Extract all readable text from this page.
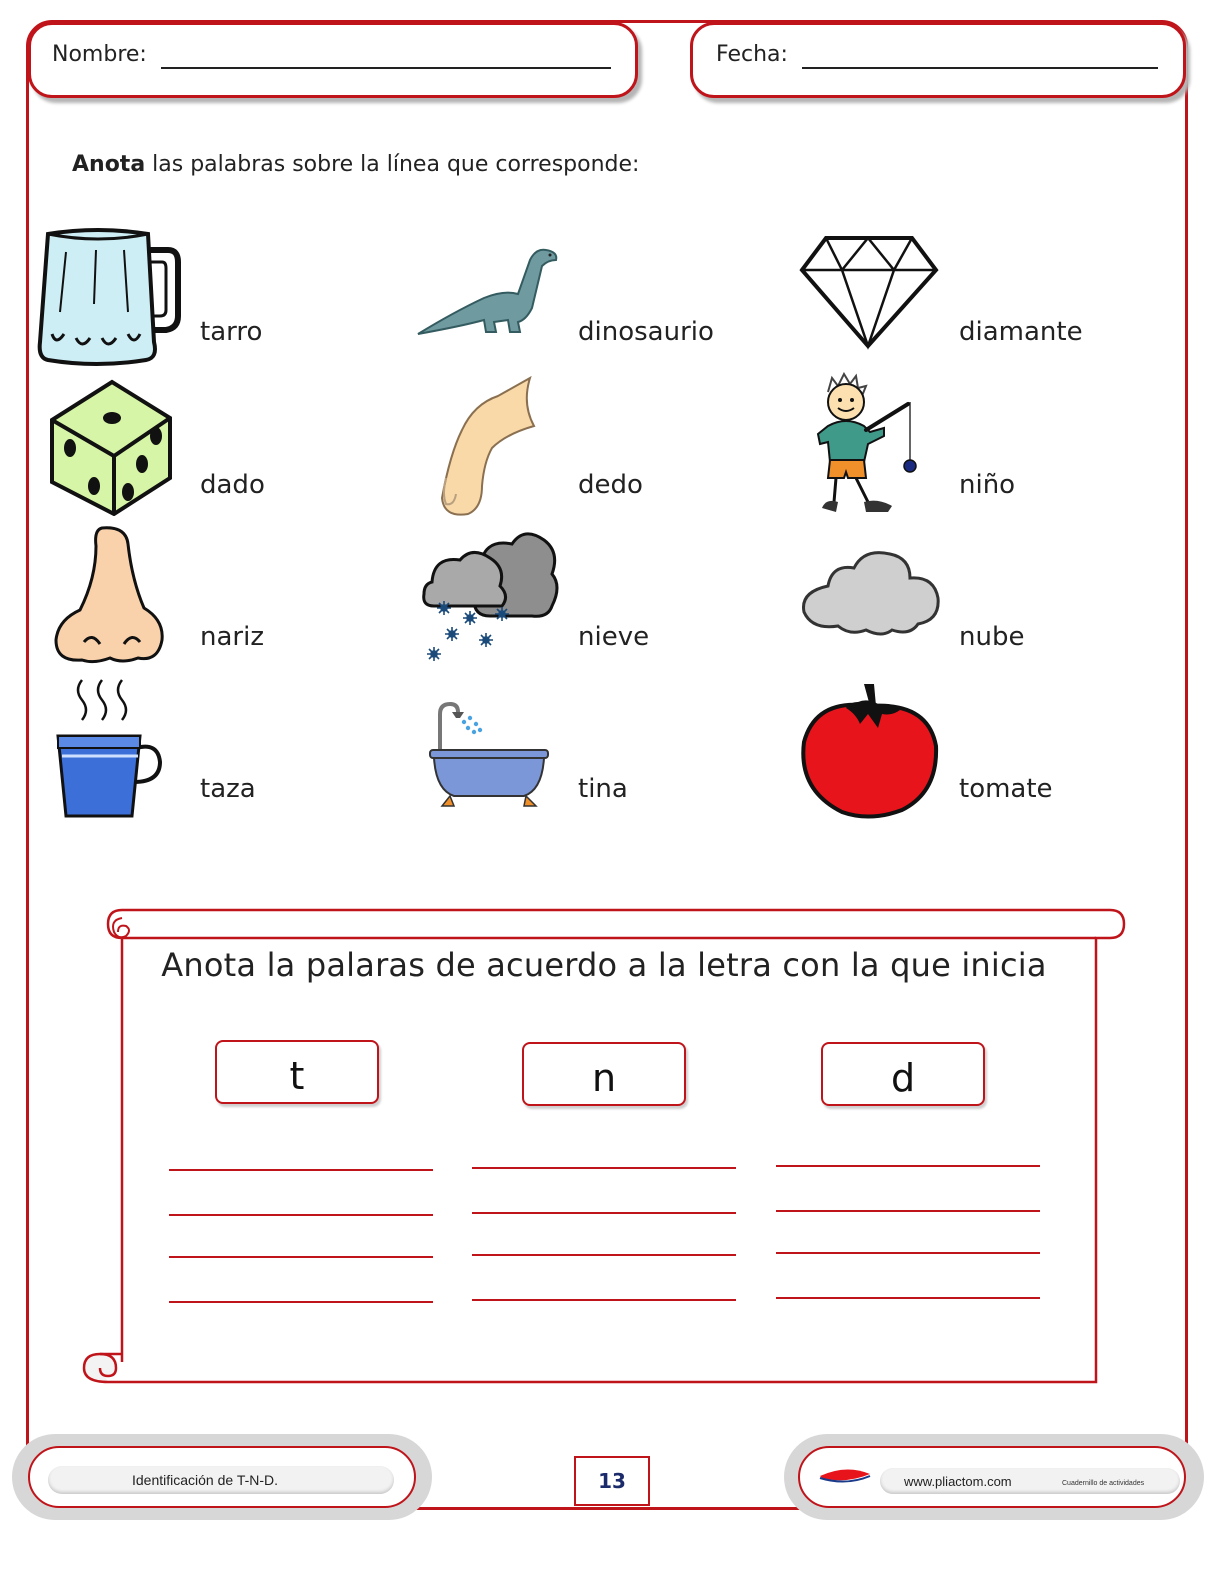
Nombre:	Fecha:
Anota las palabras sobre la línea que corresponde:
tarro	dinosaurio	diamante
dado	dedo	niño
nariz	nieve	nube
taza	tina	tomate
Anota la palaras de acuerdo a la letra con la que inicia
t	n	d
Identificación de T-N-D.	13	www.pliactom.com	Cuadernillo de actividades
